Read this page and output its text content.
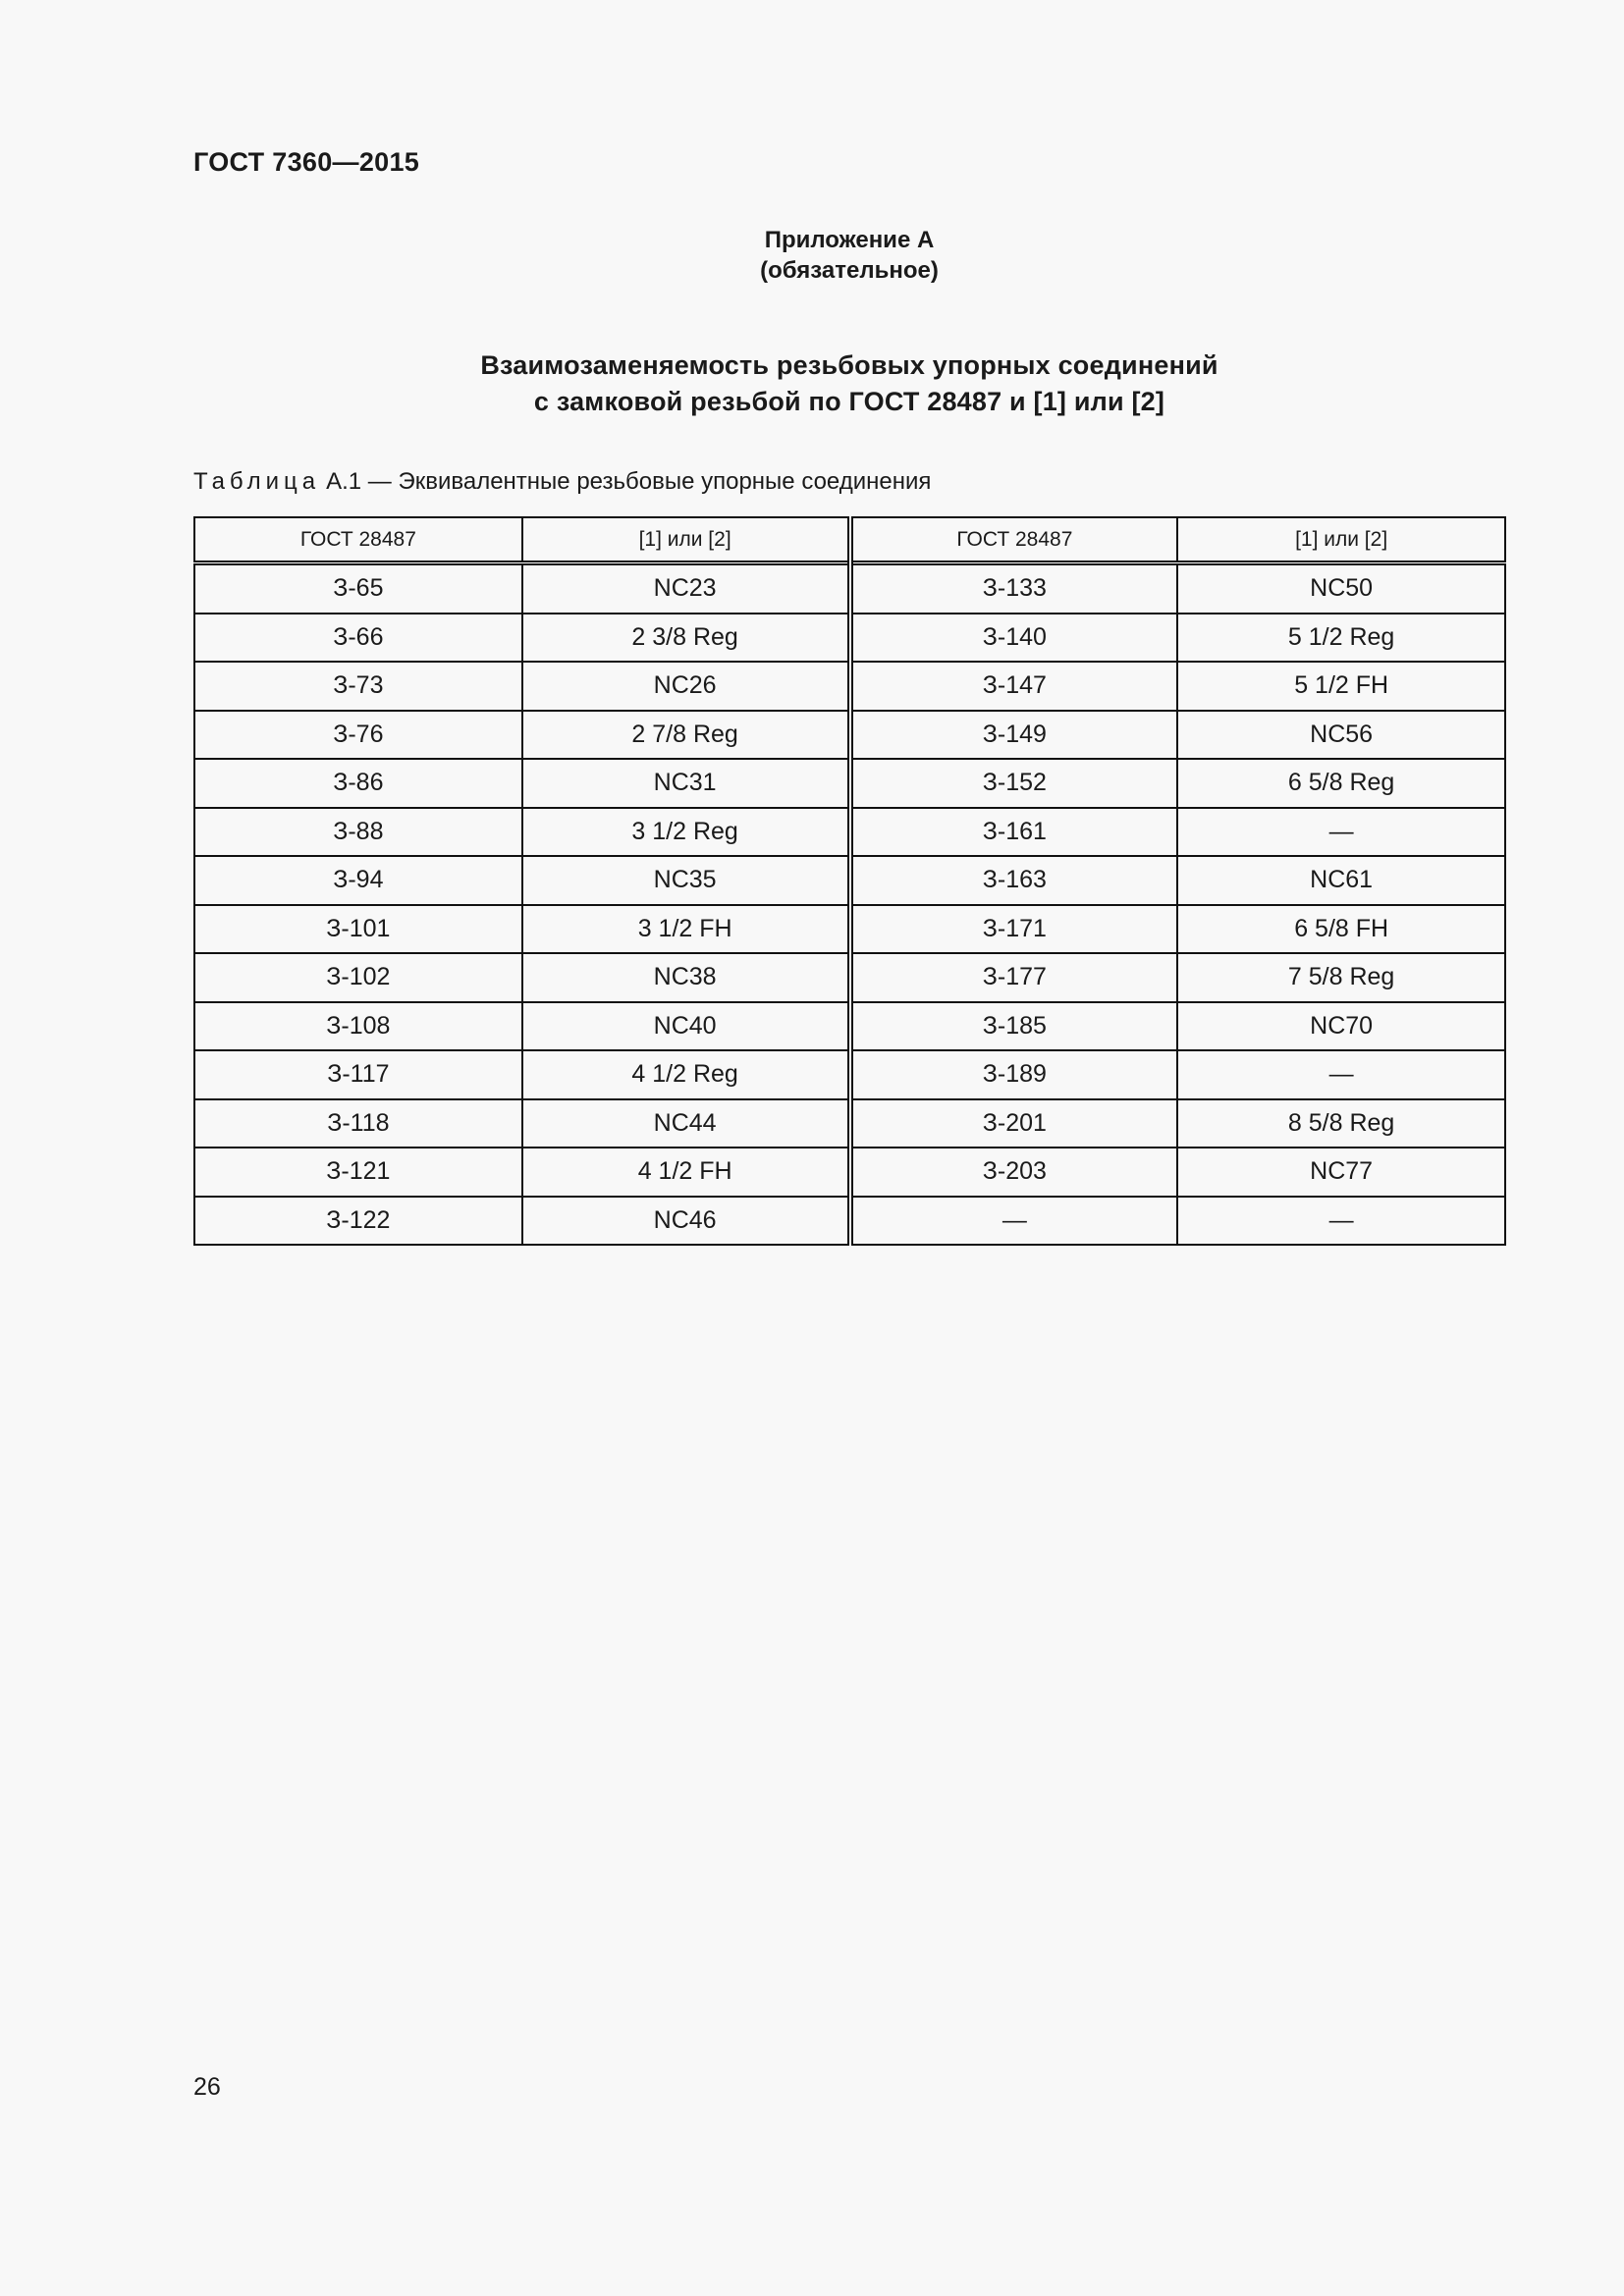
ГОСТ 7360—2015
Приложение А
(обязательное)
Взаимозаменяемость резьбовых упорных соединений
с замковой резьбой по ГОСТ 28487 и [1] или [2]
Таблица А.1 — Эквивалентные резьбовые упорные соединения
ГОСТ 28487	[1] или [2]	ГОСТ 28487	[1] или [2]
З-65	NC23	З-133	NC50
З-66	2 3/8 Reg	З-140	5 1/2 Reg
З-73	NC26	З-147	5 1/2 FH
З-76	2 7/8 Reg	З-149	NC56
З-86	NC31	З-152	6 5/8 Reg
З-88	3 1/2 Reg	З-161	—
З-94	NC35	З-163	NC61
З-101	3 1/2 FH	З-171	6 5/8 FH
З-102	NC38	З-177	7 5/8 Reg
З-108	NC40	З-185	NC70
З-117	4 1/2 Reg	З-189	—
З-118	NC44	З-201	8 5/8 Reg
З-121	4 1/2 FH	З-203	NC77
З-122	NC46	—	—
26
